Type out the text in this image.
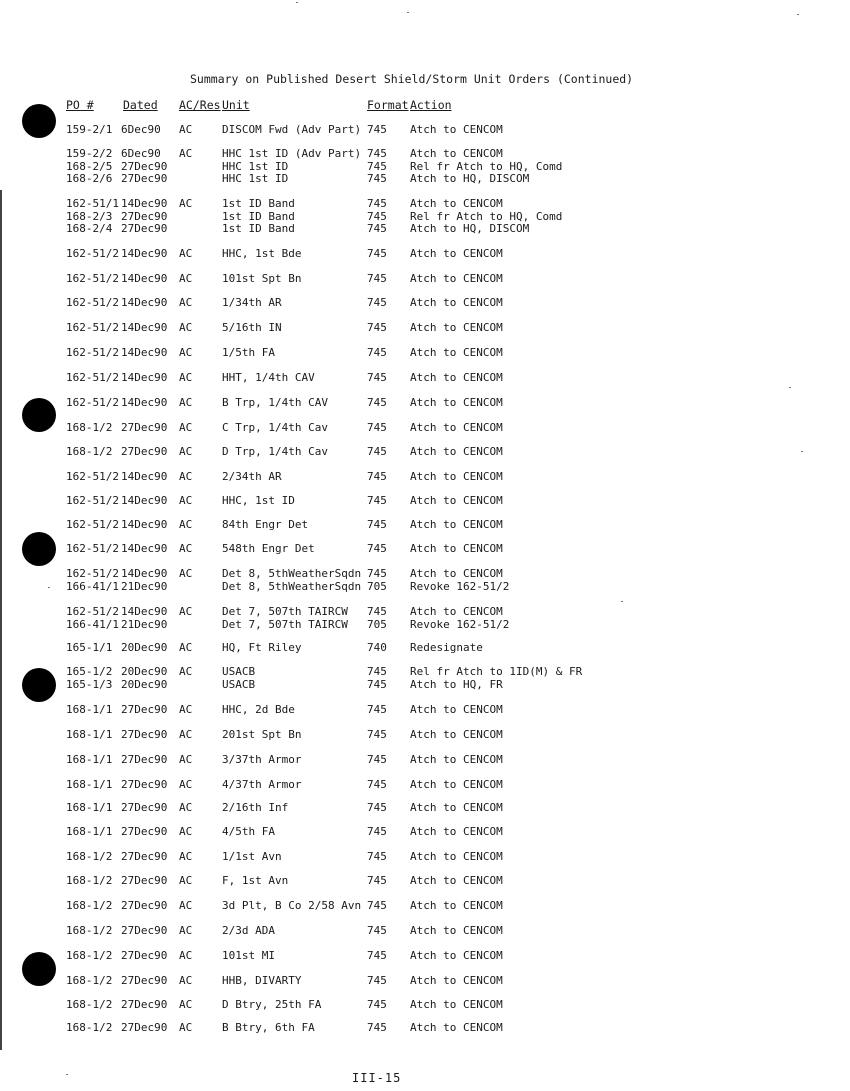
Summary on Published Desert Shield/Storm Unit Orders (Continued)
PO #	Dated AC/Res Unit	Format Action
159-2/1 6Dec90 AC	DISCOM Fwd (Adv Part) 745 Atch to CENCOM
159-2/2 6Dec90 AC	HHC 1st ID (Adv Part) 745 Atch to CENCOM
168-2/5 27Dec90	HHC 1st ID	745 Rel fr Atch to HQ, Comd
168-2/6 27Dec90	HHC 1st ID	745 Atch to HQ, DISCOM
162-51/1 14Dec90 AC	1st ID Band	745 Atch to CENCOM
168-2/3 27Dec90	1st ID Band	745 Rel fr Atch to HQ, Comd
168-2/4 27Dec90	1st ID Band	745 Atch to HQ, DISCOM
162-51/2 14Dec90 AC	HHC, 1st Bde	745 Atch to CENCOM
162-51/2 14Dec90 AC	101st Spt Bn	745 Atch to CENCOM
162-51/2 14Dec90 AC	1/34th AR	745 Atch to CENCOM
162-51/2 14Dec90 AC	5/16th IN	745 Atch to CENCOM
162-51/2 14Dec90 AC	1/5th FA	745 Atch to CENCOM
162-51/2 14Dec90 AC	HHT, 1/4th CAV	745 Atch to CENCOM
162-51/2 14Dec90 AC	B Trp, 1/4th CAV	745 Atch to CENCOM
168-1/2 27Dec90 AC	C Trp, 1/4th Cav	745 Atch to CENCOM
168-1/2 27Dec90 AC	D Trp, 1/4th Cav	745 Atch to CENCOM
162-51/2 14Dec90 AC	2/34th AR	745 Atch to CENCOM
162-51/2 14Dec90 AC	HHC, 1st ID	745 Atch to CENCOM
162-51/2 14Dec90 AC	84th Engr Det	745 Atch to CENCOM
162-51/2 14Dec90 AC	548th Engr Det	745 Atch to CENCOM
162-51/2 14Dec90 AC	Det 8, 5thWeatherSqdn 745 Atch to CENCOM
166-41/1 21Dec90	Det 8, 5thWeatherSqdn 705 Revoke 162-51/2
162-51/2 14Dec90 AC	Det 7, 507th TAIRCW 745 Atch to CENCOM
166-41/1 21Dec90	Det 7, 507th TAIRCW 705 Revoke 162-51/2
165-1/1 20Dec90 AC	HQ, Ft Riley	740 Redesignate
165-1/2 20Dec90 AC	USACB	745 Rel fr Atch to 1ID(M) & FR
165-1/3 20Dec90	USACB	745 Atch to HQ, FR
168-1/1 27Dec90 AC	HHC, 2d Bde	745 Atch to CENCOM
168-1/1 27Dec90 AC	201st Spt Bn	745 Atch to CENCOM
168-1/1 27Dec90 AC	3/37th Armor	745 Atch to CENCOM
168-1/1 27Dec90 AC	4/37th Armor	745 Atch to CENCOM
168-1/1 27Dec90 AC	2/16th Inf	745 Atch to CENCOM
168-1/1 27Dec90 AC	4/5th FA	745 Atch to CENCOM
168-1/2 27Dec90 AC	1/1st Avn	745 Atch to CENCOM
168-1/2 27Dec90 AC	F, 1st Avn	745 Atch to CENCOM
168-1/2 27Dec90 AC	3d Plt, B Co 2/58 Avn 745 Atch to CENCOM
168-1/2 27Dec90 AC	2/3d ADA	745 Atch to CENCOM
168-1/2 27Dec90 AC	101st MI	745 Atch to CENCOM
168-1/2 27Dec90 AC	HHB, DIVARTY	745 Atch to CENCOM
168-1/2 27Dec90 AC	D Btry, 25th FA	745 Atch to CENCOM
168-1/2 27Dec90 AC	B Btry, 6th FA	745 Atch to CENCOM
III-15
